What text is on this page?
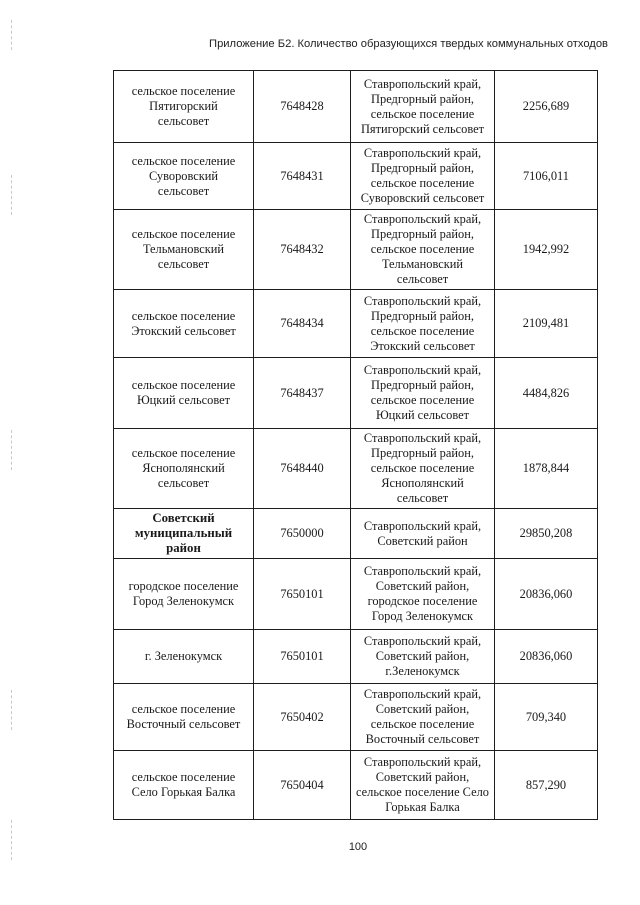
Приложение Б2. Количество образующихся твердых коммунальных отходов
сельское поселение Пятигорский сельсовет	7648428	Ставропольский край, Предгорный район, сельское поселение Пятигорский сельсовет	2256,689
сельское поселение Суворовский сельсовет	7648431	Ставропольский край, Предгорный район, сельское поселение Суворовский сельсовет	7106,011
сельское поселение Тельмановский сельсовет	7648432	Ставропольский край, Предгорный район, сельское поселение Тельмановский сельсовет	1942,992
сельское поселение Этокский сельсовет	7648434	Ставропольский край, Предгорный район, сельское поселение Этокский сельсовет	2109,481
сельское поселение Юцкий сельсовет	7648437	Ставропольский край, Предгорный район, сельское поселение Юцкий сельсовет	4484,826
сельское поселение Яснополянский сельсовет	7648440	Ставропольский край, Предгорный район, сельское поселение Яснополянский сельсовет	1878,844
Советский муниципальный район	7650000	Ставропольский край, Советский район	29850,208
городское поселение Город Зеленокумск	7650101	Ставропольский край, Советский район, городское поселение Город Зеленокумск	20836,060
г. Зеленокумск	7650101	Ставропольский край, Советский район, г.Зеленокумск	20836,060
сельское поселение Восточный сельсовет	7650402	Ставропольский край, Советский район, сельское поселение Восточный сельсовет	709,340
сельское поселение Село Горькая Балка	7650404	Ставропольский край, Советский район, сельское поселение Село Горькая Балка	857,290
100
